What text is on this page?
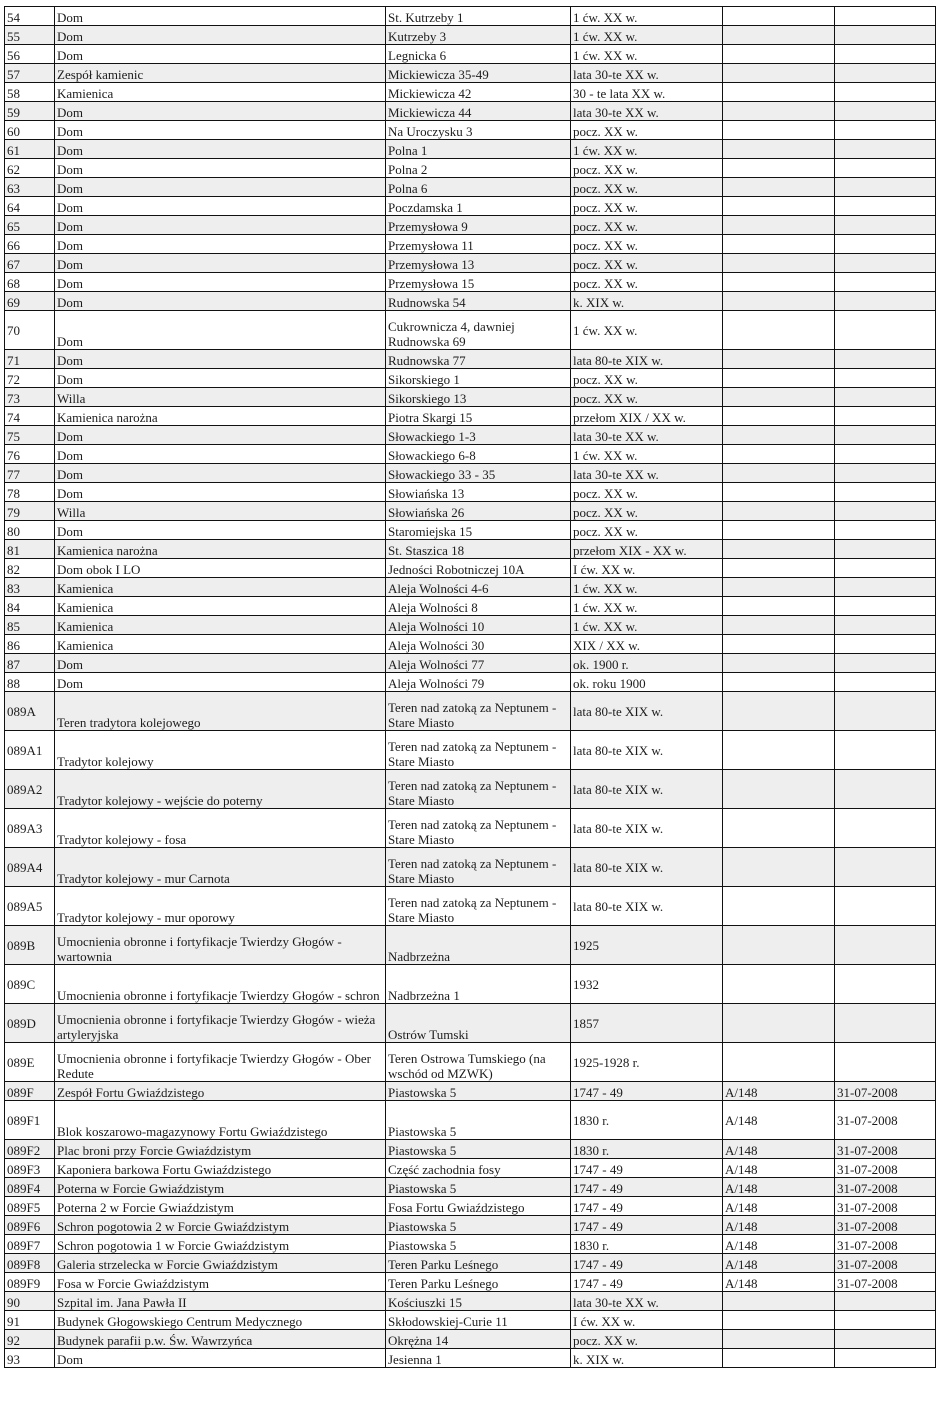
54	Dom	St. Kutrzeby 1	1 ćw. XX w.		
55	Dom	Kutrzeby 3	1 ćw. XX w.		
56	Dom	Legnicka 6	1 ćw. XX w.		
57	Zespół kamienic	Mickiewicza 35-49	lata 30-te XX w.		
58	Kamienica	Mickiewicza 42	30 - te lata XX w.		
59	Dom	Mickiewicza 44	lata 30-te XX w.		
60	Dom	Na Uroczysku 3	pocz. XX w.		
61	Dom	Polna 1	1 ćw. XX w.		
62	Dom	Polna 2	pocz. XX w.		
63	Dom	Polna 6	pocz. XX w.		
64	Dom	Poczdamska 1	pocz. XX w.		
65	Dom	Przemysłowa 9	pocz. XX w.		
66	Dom	Przemysłowa 11	pocz. XX w.		
67	Dom	Przemysłowa 13	pocz. XX w.		
68	Dom	Przemysłowa 15	pocz. XX w.		
69	Dom	Rudnowska 54	k. XIX w.		
70	Dom	Cukrownicza 4, dawniej Rudnowska 69	1 ćw. XX w.		
71	Dom	Rudnowska 77	lata 80-te XIX w.		
72	Dom	Sikorskiego 1	pocz. XX w.		
73	Willa	Sikorskiego 13	pocz. XX w.		
74	Kamienica narożna	Piotra Skargi 15	przełom XIX / XX w.		
75	Dom	Słowackiego 1-3	lata 30-te XX w.		
76	Dom	Słowackiego 6-8	1 ćw. XX w.		
77	Dom	Słowackiego 33 - 35	lata 30-te XX w.		
78	Dom	Słowiańska 13	pocz. XX w.		
79	Willa	Słowiańska 26	pocz. XX w.		
80	Dom	Staromiejska 15	pocz. XX w.		
81	Kamienica narożna	St. Staszica 18	przełom XIX - XX w.		
82	Dom obok I LO	Jedności Robotniczej 10A	I ćw. XX w.		
83	Kamienica	Aleja Wolności 4-6	1 ćw. XX w.		
84	Kamienica	Aleja Wolności 8	1 ćw. XX w.		
85	Kamienica	Aleja Wolności 10	1 ćw. XX w.		
86	Kamienica	Aleja Wolności 30	XIX / XX w.		
87	Dom	Aleja Wolności 77	ok. 1900 r.		
88	Dom	Aleja Wolności 79	ok. roku 1900		
089A	Teren tradytora kolejowego	Teren nad zatoką za Neptunem - Stare Miasto	lata 80-te XIX w.		
089A1	Tradytor kolejowy	Teren nad zatoką za Neptunem - Stare Miasto	lata 80-te XIX w.		
089A2	Tradytor kolejowy - wejście do poterny	Teren nad zatoką za Neptunem - Stare Miasto	lata 80-te XIX w.		
089A3	Tradytor kolejowy - fosa	Teren nad zatoką za Neptunem - Stare Miasto	lata 80-te XIX w.		
089A4	Tradytor kolejowy - mur Carnota	Teren nad zatoką za Neptunem - Stare Miasto	lata 80-te XIX w.		
089A5	Tradytor kolejowy - mur oporowy	Teren nad zatoką za Neptunem - Stare Miasto	lata 80-te XIX w.		
089B	Umocnienia obronne i fortyfikacje Twierdzy Głogów - wartownia	Nadbrzeżna	1925		
089C	Umocnienia obronne i fortyfikacje Twierdzy Głogów - schron	Nadbrzeżna 1	1932		
089D	Umocnienia obronne i fortyfikacje Twierdzy Głogów - wieża artyleryjska	Ostrów Tumski	1857		
089E	Umocnienia obronne i fortyfikacje Twierdzy Głogów - Ober Redute	Teren Ostrowa Tumskiego (na wschód od MZWK)	1925-1928 r.		
089F	Zespół Fortu Gwiaździstego	Piastowska 5	1747 - 49	A/148	31-07-2008
089F1	Blok koszarowo-magazynowy Fortu Gwiaździstego	Piastowska 5	1830 r.	A/148	31-07-2008
089F2	Plac broni przy Forcie Gwiaździstym	Piastowska 5	1830 r.	A/148	31-07-2008
089F3	Kaponiera barkowa Fortu Gwiaździstego	Część zachodnia fosy	1747 - 49	A/148	31-07-2008
089F4	Poterna w Forcie Gwiaździstym	Piastowska 5	1747 - 49	A/148	31-07-2008
089F5	Poterna 2 w Forcie Gwiaździstym	Fosa Fortu Gwiaździstego	1747 - 49	A/148	31-07-2008
089F6	Schron pogotowia 2 w Forcie Gwiaździstym	Piastowska 5	1747 - 49	A/148	31-07-2008
089F7	Schron pogotowia 1 w Forcie Gwiaździstym	Piastowska 5	1830 r.	A/148	31-07-2008
089F8	Galeria strzelecka w Forcie Gwiaździstym	Teren Parku Leśnego	1747 - 49	A/148	31-07-2008
089F9	Fosa w Forcie Gwiaździstym	Teren Parku Leśnego	1747 - 49	A/148	31-07-2008
90	Szpital im. Jana Pawła II	Kościuszki 15	lata 30-te XX w.		
91	Budynek Głogowskiego Centrum Medycznego	Skłodowskiej-Curie 11	I ćw. XX w.		
92	Budynek parafii p.w. Św. Wawrzyńca	Okrężna 14	pocz. XX w.		
93	Dom	Jesienna 1	k. XIX w.		
